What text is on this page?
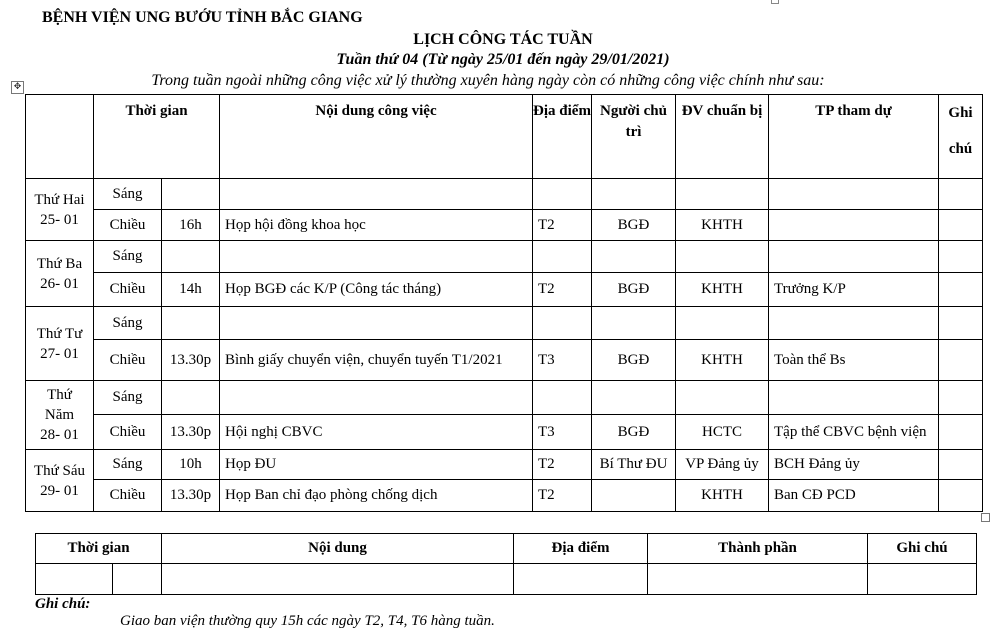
BỆNH VIỆN UNG BƯỚU TỈNH BẮC GIANG
LỊCH CÔNG TÁC TUẦN
Tuần thứ 04 (Từ ngày 25/01 đến ngày 29/01/2021)
Trong tuần ngoài những công việc xử lý thường xuyên hàng ngày còn có những công việc chính như sau:
✥
	Thời gian		Nội dung công việc	Địa điểm	Người chủ trì	ĐV chuẩn bị	TP tham dự	Ghi chú

Thứ Hai
25- 01	Sáng							
	Chiều	16h	Họp hội đồng khoa học	T2	BGĐ	KHTH		

Thứ Ba
26- 01	Sáng							
	Chiều	14h	Họp BGĐ các K/P (Công tác tháng)	T2	BGĐ	KHTH	Trưởng K/P	

Thứ Tư
27- 01	Sáng							
	Chiều	13.30p	Bình giấy chuyển viện, chuyển tuyến T1/2021	T3	BGĐ	KHTH	Toàn thể Bs	

Thứ Năm
28- 01	Sáng							
	Chiều	13.30p	Hội nghị CBVC	T3	BGĐ	HCTC	Tập thể CBVC bệnh viện	

Thứ Sáu
29- 01	Sáng	10h	Họp ĐU	T2	Bí Thư ĐU	VP Đảng ủy	BCH Đảng ủy	
	Chiều	13.30p	Họp Ban chỉ đạo phòng chống dịch	T2		KHTH	Ban CĐ PCD	
Thời gian		Nội dung	Địa điểm	Thành phần	Ghi chú

Ghi chú:
Giao ban viện thường quy 15h các ngày T2, T4, T6 hàng tuần.
